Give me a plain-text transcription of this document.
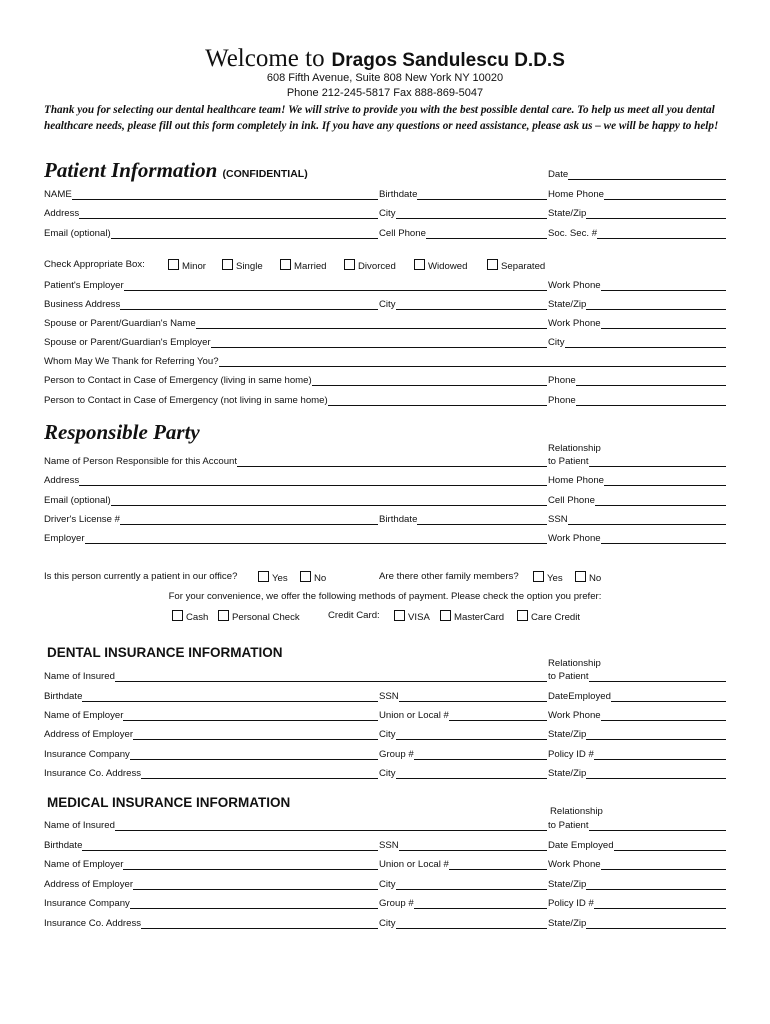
Welcome to Dragos Sandulescu D.D.S
608 Fifth Avenue, Suite 808 New York NY 10020
Phone 212-245-5817 Fax 888-869-5047
Thank you for selecting our dental healthcare team! We will strive to provide you with the best possible dental care. To help us meet all you dental healthcare needs, please fill out this form completely in ink. If you have any questions or need assistance, please ask us – we will be happy to help!
Patient Information (CONFIDENTIAL)	Date
NAME	Birthdate	Home Phone
Address	City	State/Zip
Email (optional)	Cell Phone	Soc. Sec. #
Check Appropriate Box:	Minor	Single	Married	Divorced	Widowed	Separated
Patient's Employer	Work Phone
Business Address	City	State/Zip
Spouse or Parent/Guardian's Name	Work Phone
Spouse or Parent/Guardian's Employer	City
Whom May We Thank for Referring You?
Person to Contact in Case of Emergency (living in same home)	Phone
Person to Contact in Case of Emergency (not living in same home)	Phone
Responsible Party
Relationship
Name of Person Responsible for this Account	to Patient
Address	Home Phone
Email (optional)	Cell Phone
Driver's License #	Birthdate	SSN
Employer	Work Phone
Is this person currently a patient in our office?	Yes	No	Are there other family members?	Yes	No
For your convenience, we offer the following methods of payment. Please check the option you prefer:
Cash	Personal Check	Credit Card:	VISA	MasterCard	Care Credit
DENTAL INSURANCE INFORMATION
Relationship
Name of Insured	to Patient
Birthdate	SSN	DateEmployed
Name of Employer	Union or Local #	Work Phone
Address of Employer	City	State/Zip
Insurance Company	Group #	Policy ID #
Insurance Co. Address	City	State/Zip
MEDICAL INSURANCE INFORMATION
Relationship
Name of Insured	to Patient
Birthdate	SSN	Date Employed
Name of Employer	Union or Local #	Work Phone
Address of Employer	City	State/Zip
Insurance Company	Group #	Policy ID #
Insurance Co. Address	City	State/Zip
